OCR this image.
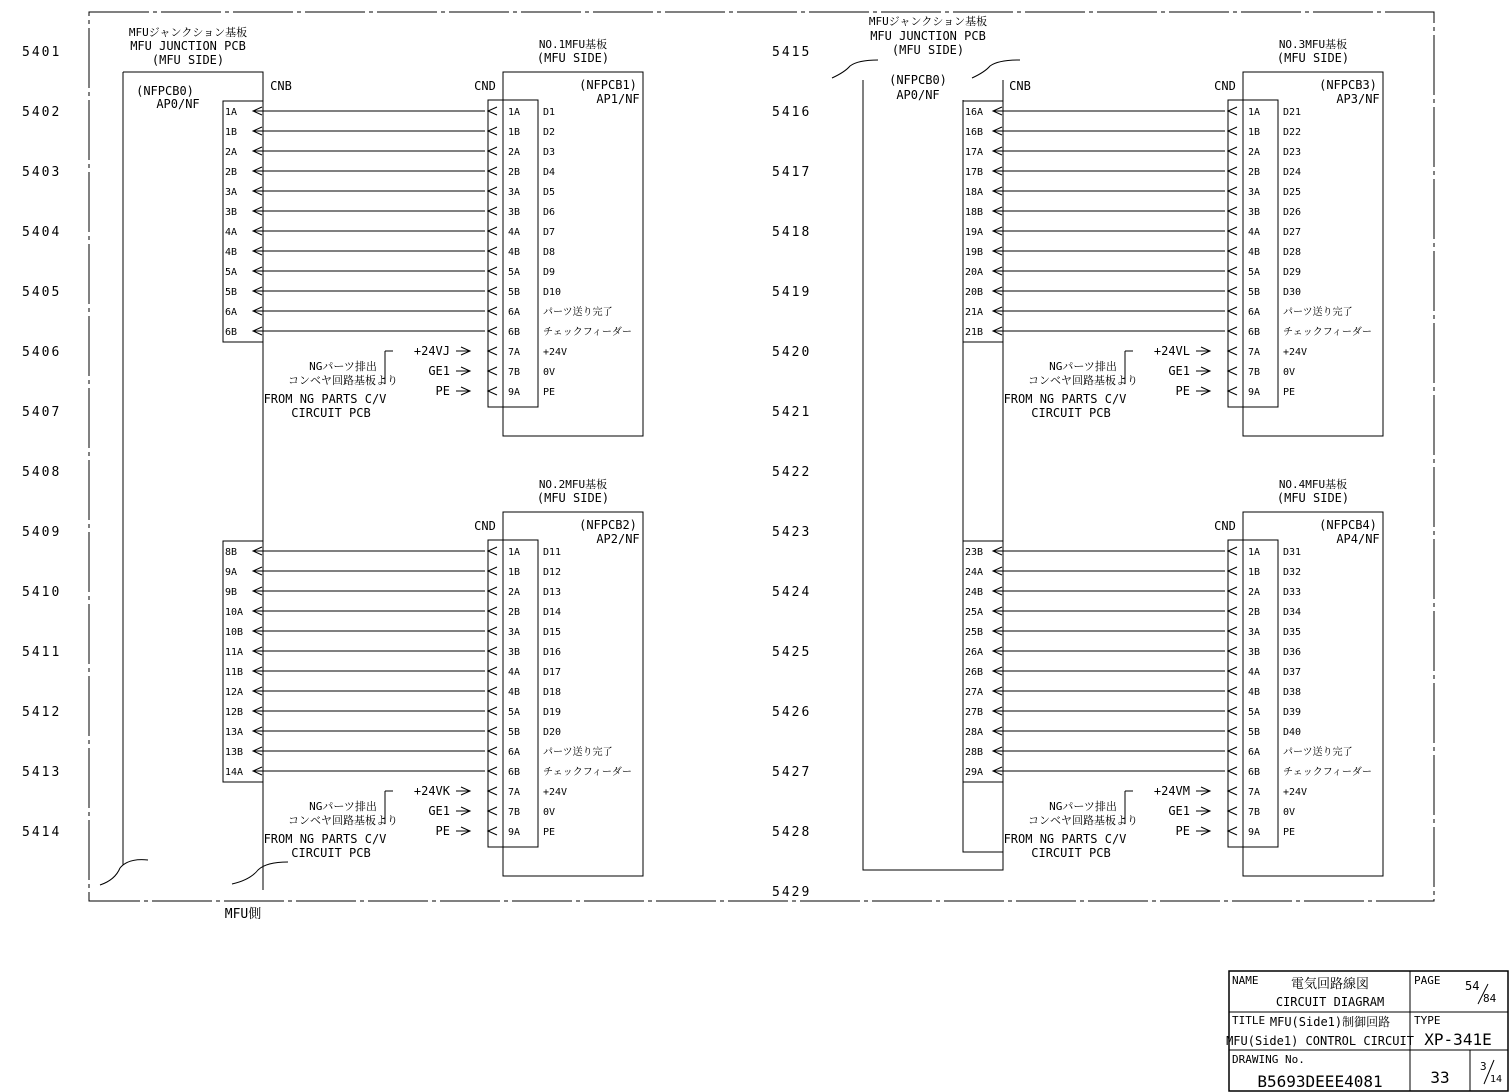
5401
5402
5403
5404
5405
5406
5407
5408
5409
5410
5411
5412
5413
5414
5415
5416
5417
5418
5419
5420
5421
5422
5423
5424
5425
5426
5427
5428
5429
MFUジャンクション基板
MFU JUNCTION PCB
(MFU SIDE)
(NFPCB0)
AP0/NF
CNB
MFU側
MFUジャンクション基板
MFU JUNCTION PCB
(MFU SIDE)
(NFPCB0)
AP0/NF
CNB
NO.1MFU基板
(MFU SIDE)
(NFPCB1)
AP1/NF
CND
1A	1A D1
1B	1B D2
2A	2A D3
2B	2B D4
3A	3A D5
3B	3B D6
4A	4A D7
4B	4B D8
5A	5A D9
5B	5B D10
6A	6A パーツ送り完了
6B	6B チェックフィーダー
+24VJ	7A +24V
GE1	7B 0V
PE	9A PE
NGパーツ排出
コンベヤ回路基板より
FROM NG PARTS C/V
CIRCUIT PCB
NO.2MFU基板
(MFU SIDE)
(NFPCB2)
AP2/NF
CND
8B	1A D11
9A	1B D12
9B	2A D13
10A	2B D14
10B	3A D15
11A	3B D16
11B	4A D17
12A	4B D18
12B	5A D19
13A	5B D20
13B	6A パーツ送り完了
14A	6B チェックフィーダー
+24VK	7A +24V
GE1	7B 0V
PE	9A PE
NGパーツ排出
コンベヤ回路基板より
FROM NG PARTS C/V
CIRCUIT PCB
NO.3MFU基板
(MFU SIDE)
(NFPCB3)
AP3/NF
CND
16A	1A D21
16B	1B D22
17A	2A D23
17B	2B D24
18A	3A D25
18B	3B D26
19A	4A D27
19B	4B D28
20A	5A D29
20B	5B D30
21A	6A パーツ送り完了
21B	6B チェックフィーダー
+24VL	7A +24V
GE1	7B 0V
PE	9A PE
NGパーツ排出
コンベヤ回路基板より
FROM NG PARTS C/V
CIRCUIT PCB
NO.4MFU基板
(MFU SIDE)
(NFPCB4)
AP4/NF
CND
23B	1A D31
24A	1B D32
24B	2A D33
25A	2B D34
25B	3A D35
26A	3B D36
26B	4A D37
27A	4B D38
27B	5A D39
28A	5B D40
28B	6A パーツ送り完了
29A	6B チェックフィーダー
+24VM	7A +24V
GE1	7B 0V
PE	9A PE
NGパーツ排出
コンベヤ回路基板より
FROM NG PARTS C/V
CIRCUIT PCB
NAME 電気回路線図
CIRCUIT DIAGRAM
TITLE MFU(Side1)制御回路
MFU(Side1) CONTROL CIRCUIT
DRAWING No.
B5693DEEE4081
PAGE 54
84
TYPE
XP-341E
33
3
14
